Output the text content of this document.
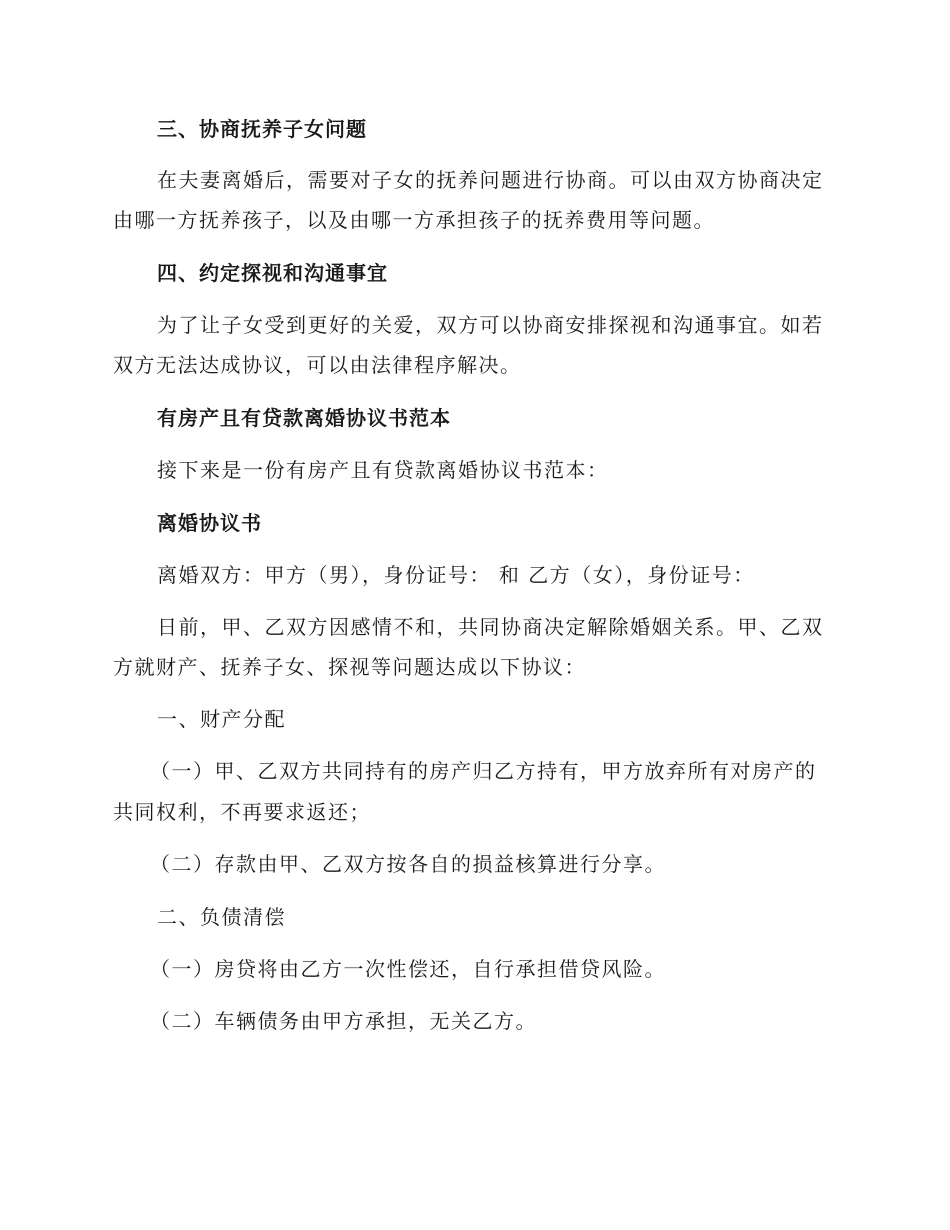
三、协商抚养子女问题
在夫妻离婚后，需要对子女的抚养问题进行协商。可以由双方协商决定
由哪一方抚养孩子，以及由哪一方承担孩子的抚养费用等问题。
四、约定探视和沟通事宜
为了让子女受到更好的关爱，双方可以协商安排探视和沟通事宜。如若
双方无法达成协议，可以由法律程序解决。
有房产且有贷款离婚协议书范本
接下来是一份有房产且有贷款离婚协议书范本：
离婚协议书
离婚双方：甲方（男），身份证号： 和 乙方（女），身份证号：
日前，甲、乙双方因感情不和，共同协商决定解除婚姻关系。甲、乙双
方就财产、抚养子女、探视等问题达成以下协议：
一、财产分配
（一）甲、乙双方共同持有的房产归乙方持有，甲方放弃所有对房产的
共同权利，不再要求返还；
（二）存款由甲、乙双方按各自的损益核算进行分享。
二、负债清偿
（一）房贷将由乙方一次性偿还，自行承担借贷风险。
（二）车辆债务由甲方承担，无关乙方。
